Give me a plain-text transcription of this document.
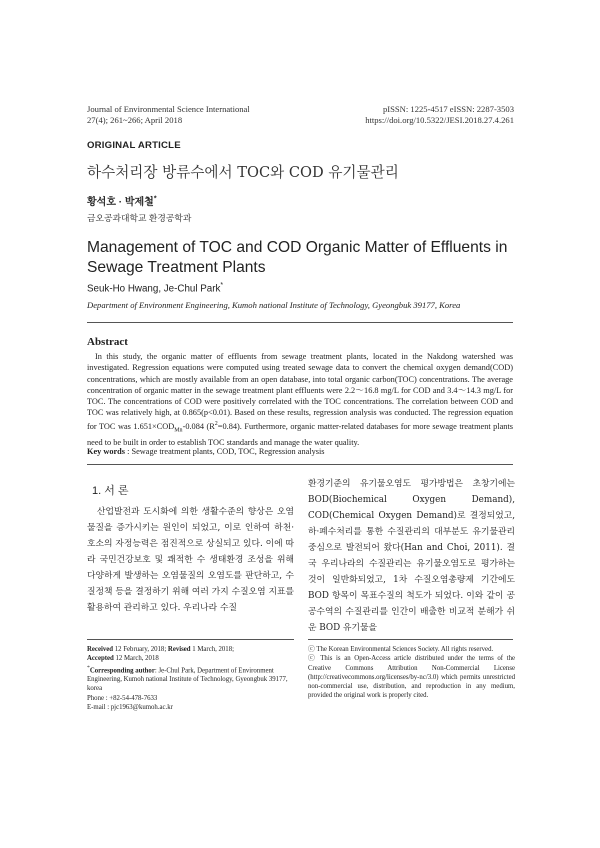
Journal of Environmental Science International
27(4); 261~266; April 2018
pISSN: 1225-4517 eISSN: 2287-3503
https://doi.org/10.5322/JESI.2018.27.4.261
ORIGINAL ARTICLE
하수처리장 방류수에서 TOC와 COD 유기물관리
황석호 · 박제철*
금오공과대학교 환경공학과
Management of TOC and COD Organic Matter of Effluents in Sewage Treatment Plants
Seuk-Ho Hwang, Je-Chul Park*
Department of Environment Engineering, Kumoh national Institute of Technology, Gyeongbuk 39177, Korea
Abstract
In this study, the organic matter of effluents from sewage treatment plants, located in the Nakdong watershed was investigated. Regression equations were computed using treated sewage data to convert the chemical oxygen demand(COD) concentrations, which are mostly available from an open database, into total organic carbon(TOC) concentrations. The average concentration of organic matter in the sewage treatment plant effluents were 2.2～16.8 mg/L for COD and 3.4～14.3 mg/L for TOC. The concentrations of COD were positively correlated with the TOC concentrations. The correlation between COD and TOC was relatively high, at 0.865(p<0.01). Based on these results, regression analysis was conducted. The regression equation for TOC was $1.651\times COD_{Mn}-0.084$ $(R^2=0.84)$. Furthermore, organic matter-related databases for more sewage treatment plants need to be built in order to establish TOC standards and manage the water quality.
Key words : Sewage treatment plants, COD, TOC, Regression analysis
1. 서 론
산업발전과 도시화에 의한 생활수준의 향상은 오염물질을 증가시키는 원인이 되었고, 이로 인하여 하천·호소의 자정능력은 점진적으로 상실되고 있다. 이에 따라 국민건강보호 및 쾌적한 수 생태환경 조성을 위해 다양하게 발생하는 오염물질의 오염도를 판단하고, 수질정책 등을 결정하기 위해 여러 가지 수질오염 지표를 활용하여 관리하고 있다. 우리나라 수질
환경기준의 유기물오염도 평가방법은 초창기에는 BOD(Biochemical Oxygen Demand), COD(Chemical Oxygen Demand)로 결정되었고, 하·폐수처리를 통한 수질관리의 대부분도 유기물관리 중심으로 발전되어 왔다(Han and Choi, 2011). 결국 우리나라의 수질관리는 유기물오염도로 평가하는 것이 일반화되었고, 1차 수질오염총량제 기간에도 BOD 항목이 목표수질의 척도가 되었다. 이와 같이 공공수역의 수질관리를 인간이 배출한 비교적 분해가 쉬운 BOD 유기물을
Received 12 February, 2018; Revised 1 March, 2018;
Accepted 12 March, 2018
*Corresponding author: Je-Chul Park, Department of Environment Engineering, Kumoh national Institute of Technology, Gyeongbuk 39177, korea
Phone : +82-54-478-7633
E-mail : pjc1963@kumoh.ac.kr
ⓒ The Korean Environmental Sciences Society. All rights reserved.
ⓒ This is an Open-Access article distributed under the terms of the Creative Commons Attribution Non-Commercial License (http://creativecommons.org/licenses/by-nc/3.0) which permits unrestricted non-commercial use, distribution, and reproduction in any medium, provided the original work is properly cited.
